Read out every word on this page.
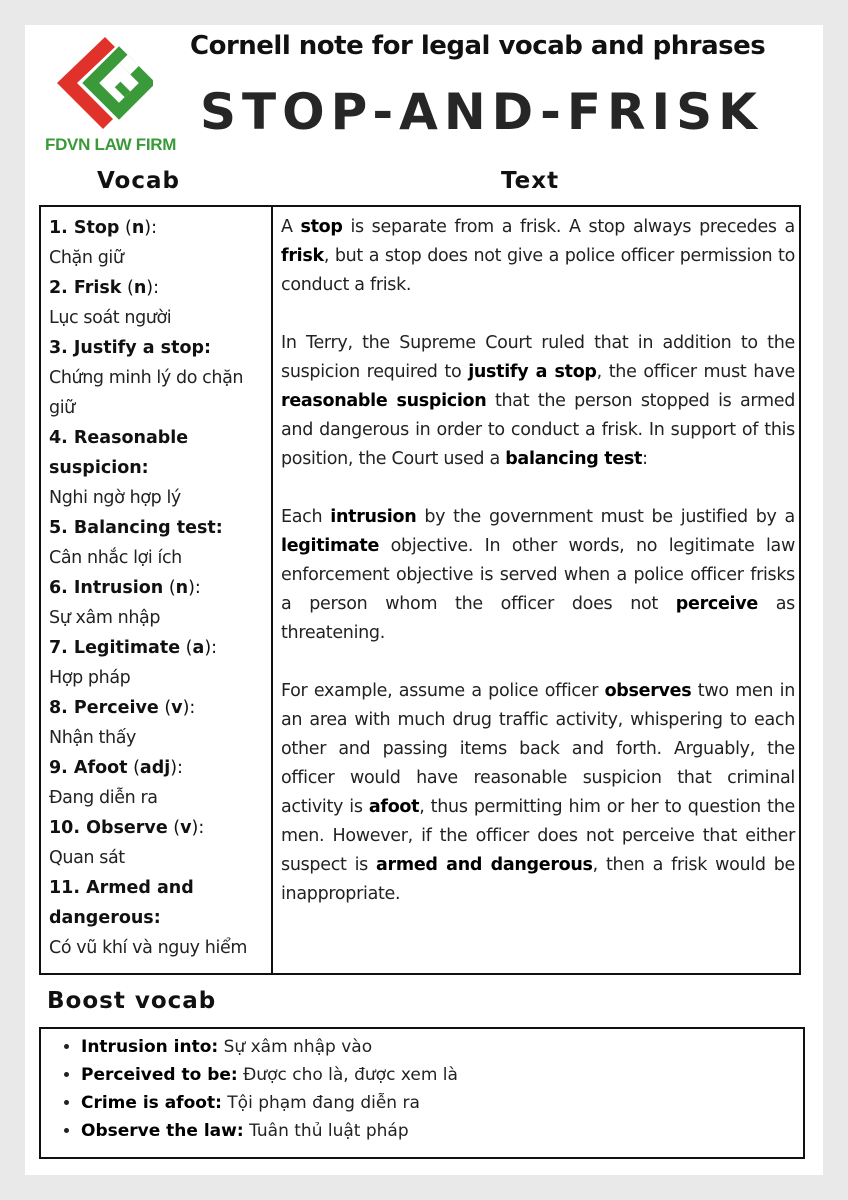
FDVN LAW FIRM
Cornell note for legal vocab and phrases
STOP-AND-FRISK
Vocab	Text
1. Stop (n):
Chặn giữ
2. Frisk (n):
Lục soát người
3. Justify a stop:
Chứng minh lý do chặn giữ
4. Reasonable suspicion:
Nghi ngờ hợp lý
5. Balancing test:
Cân nhắc lợi ích
6. Intrusion (n):
Sự xâm nhập
7. Legitimate (a):
Hợp pháp
8. Perceive (v):
Nhận thấy
9. Afoot (adj):
Đang diễn ra
10. Observe (v):
Quan sát
11. Armed and dangerous:
Có vũ khí và nguy hiểm

A stop is separate from a frisk. A stop always precedes a frisk, but a stop does not give a police officer permission to conduct a frisk.

In Terry, the Supreme Court ruled that in addition to the suspicion required to justify a stop, the officer must have reasonable suspicion that the person stopped is armed and dangerous in order to conduct a frisk. In support of this position, the Court used a balancing test:

Each intrusion by the government must be justified by a legitimate objective. In other words, no legitimate law enforcement objective is served when a police officer frisks a person whom the officer does not perceive as threatening.

For example, assume a police officer observes two men in an area with much drug traffic activity, whispering to each other and passing items back and forth. Arguably, the officer would have reasonable suspicion that criminal activity is afoot, thus permitting him or her to question the men. However, if the officer does not perceive that either suspect is armed and dangerous, then a frisk would be inappropriate.

Boost vocab
• Intrusion into: Sự xâm nhập vào
• Perceived to be: Được cho là, được xem là
• Crime is afoot: Tội phạm đang diễn ra
• Observe the law: Tuân thủ luật pháp
